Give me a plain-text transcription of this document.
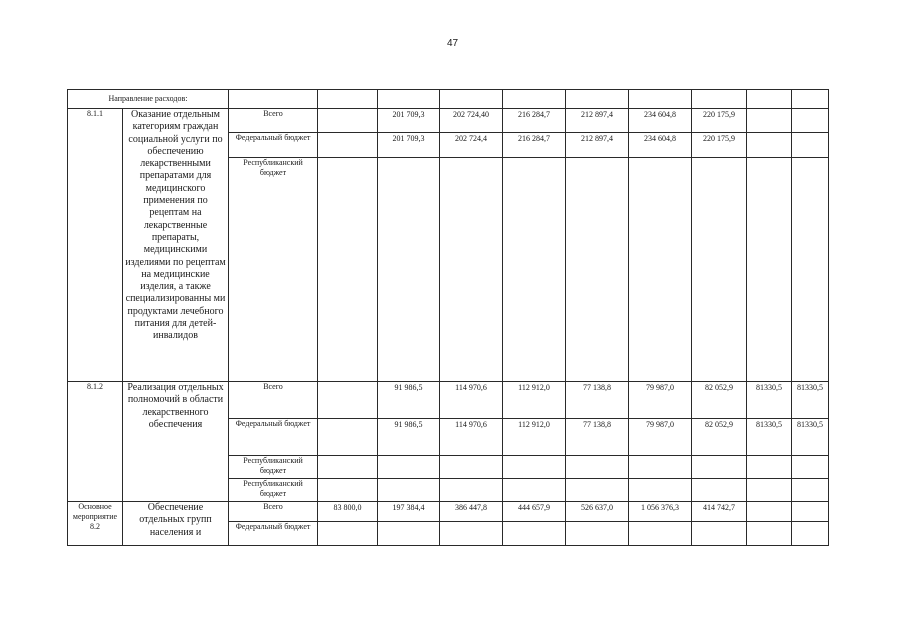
47
Направление расходов:											
8.1.1	Оказание отдельным категориям граждан социальной услуги по обеспечению лекарственными препаратами для медицинского применения по рецептам на лекарственные препараты, медицинскими изделиями по рецептам на медицинские изделия, а также специализированны ми продуктами лечебного питания для детей-инвалидов	Всего		201 709,3	202 724,40	216 284,7	212 897,4	234 604,8	220 175,9		
		Федеральный бюджет		201 709,3	202 724,4	216 284,7	212 897,4	234 604,8	220 175,9		
		Республиканский бюджет									
8.1.2	Реализация отдельных полномочий в области лекарственного обеспечения	Всего		91 986,5	114 970,6	112 912,0	77 138,8	79 987,0	82 052,9	81330,5	81330,5
		Федеральный бюджет		91 986,5	114 970,6	112 912,0	77 138,8	79 987,0	82 052,9	81330,5	81330,5
		Республиканский бюджет									
		Республиканский бюджет									
Основное мероприятие 8.2	Обеспечение отдельных групп населения и	Всего	83 800,0	197 384,4	386 447,8	444 657,9	526 637,0	1 056 376,3	414 742,7		
		Федеральный бюджет									
